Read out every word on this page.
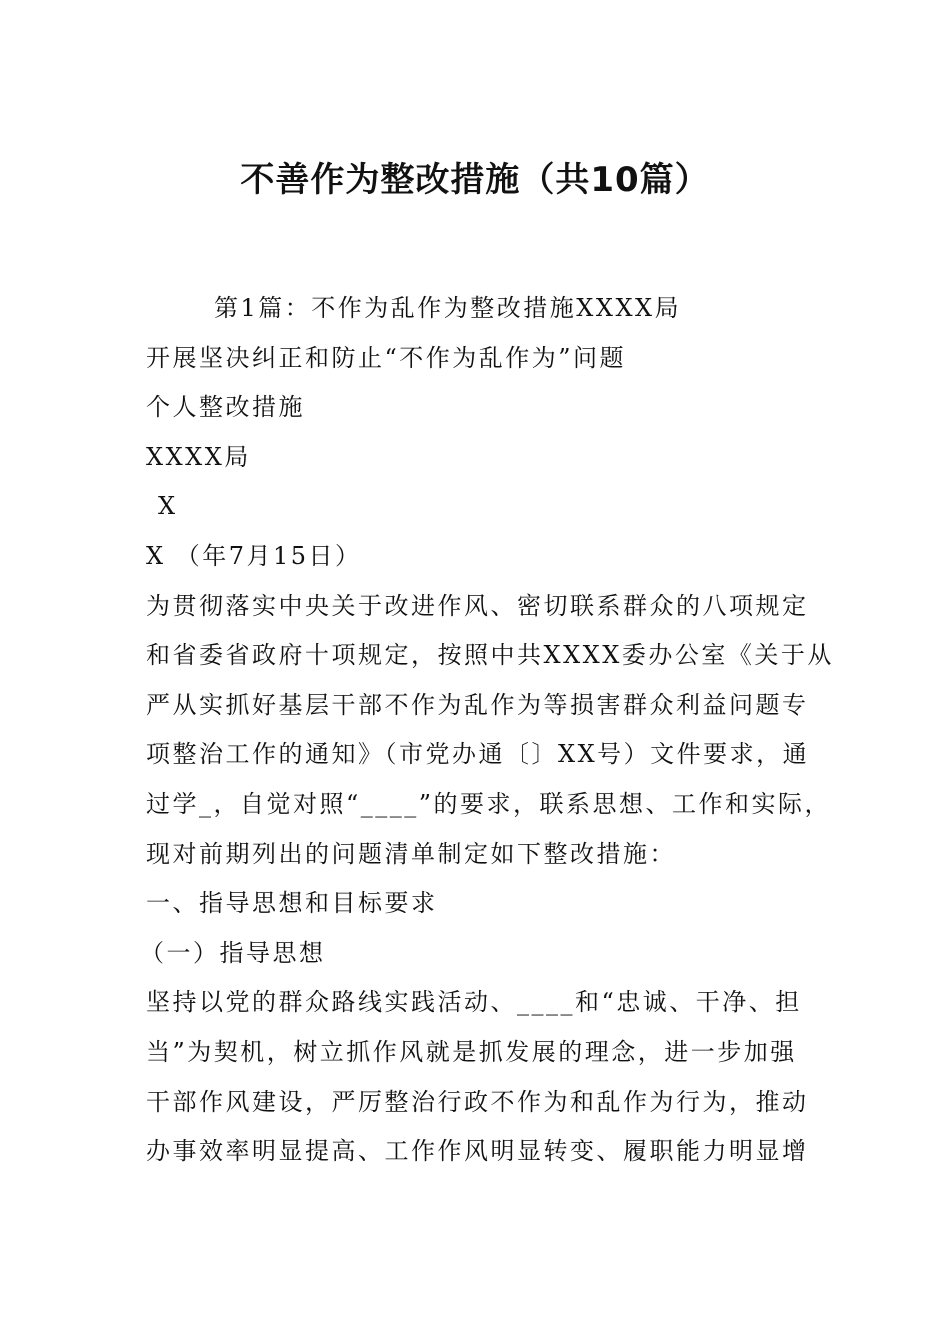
不善作为整改措施（共10篇）

第1篇：不作为乱作为整改措施XXXX局

开展坚决纠正和防止“不作为乱作为”问题

个人整改措施

XXXX局

X

X （年7月15日）

为贯彻落实中央关于改进作风、密切联系群众的八项规定

和省委省政府十项规定，按照中共XXXX委办公室《关于从

严从实抓好基层干部不作为乱作为等损害群众利益问题专

项整治工作的通知》（市党办通〔〕XX号）文件要求，通

过学_，自觉对照“____”的要求，联系思想、工作和实际，

现对前期列出的问题清单制定如下整改措施：

一、指导思想和目标要求

（一）指导思想

坚持以党的群众路线实践活动、____和“忠诚、干净、担

当”为契机，树立抓作风就是抓发展的理念，进一步加强

干部作风建设，严厉整治行政不作为和乱作为行为，推动

办事效率明显提高、工作作风明显转变、履职能力明显增
